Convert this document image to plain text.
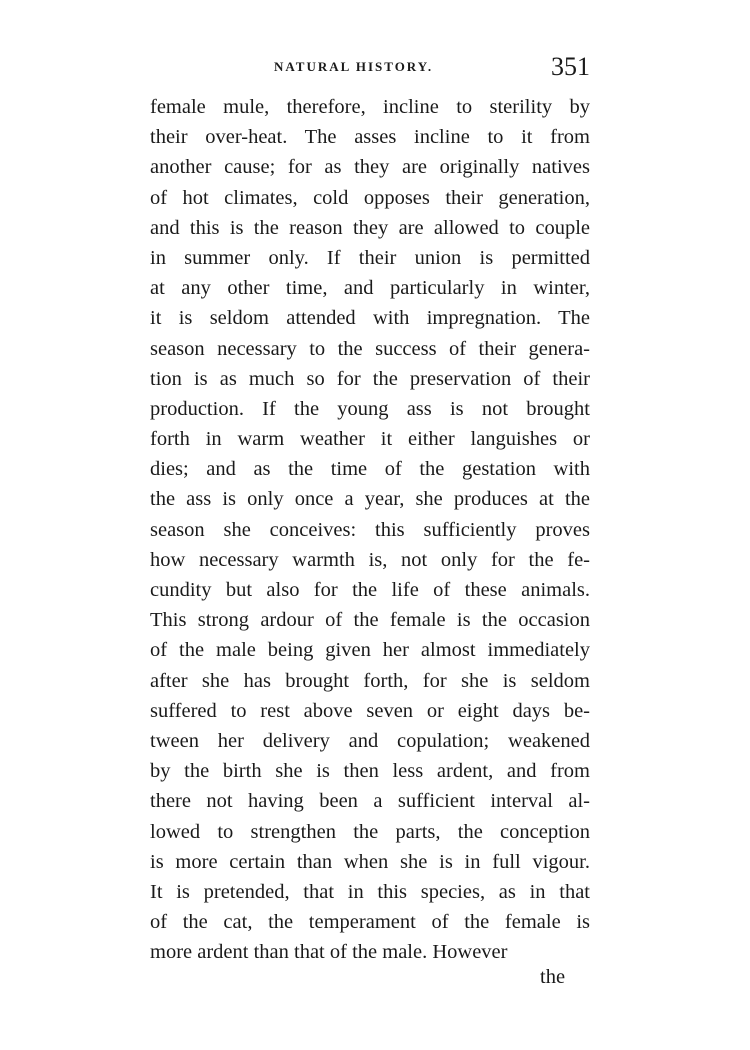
NATURAL HISTORY.	351
female mule, therefore, incline to sterility by
their over-heat. The asses incline to it from
another cause; for as they are originally natives
of hot climates, cold opposes their generation,
and this is the reason they are allowed to couple
in summer only. If their union is permitted
at any other time, and particularly in winter,
it is seldom attended with impregnation. The
season necessary to the success of their genera-
tion is as much so for the preservation of their
production. If the young ass is not brought
forth in warm weather it either languishes or
dies; and as the time of the gestation with
the ass is only once a year, she produces at the
season she conceives: this sufficiently proves
how necessary warmth is, not only for the fe-
cundity but also for the life of these animals.
This strong ardour of the female is the occasion
of the male being given her almost immediately
after she has brought forth, for she is seldom
suffered to rest above seven or eight days be-
tween her delivery and copulation; weakened
by the birth she is then less ardent, and from
there not having been a sufficient interval al-
lowed to strengthen the parts, the conception
is more certain than when she is in full vigour.
It is pretended, that in this species, as in that
of the cat, the temperament of the female is
more ardent than that of the male. However
the
